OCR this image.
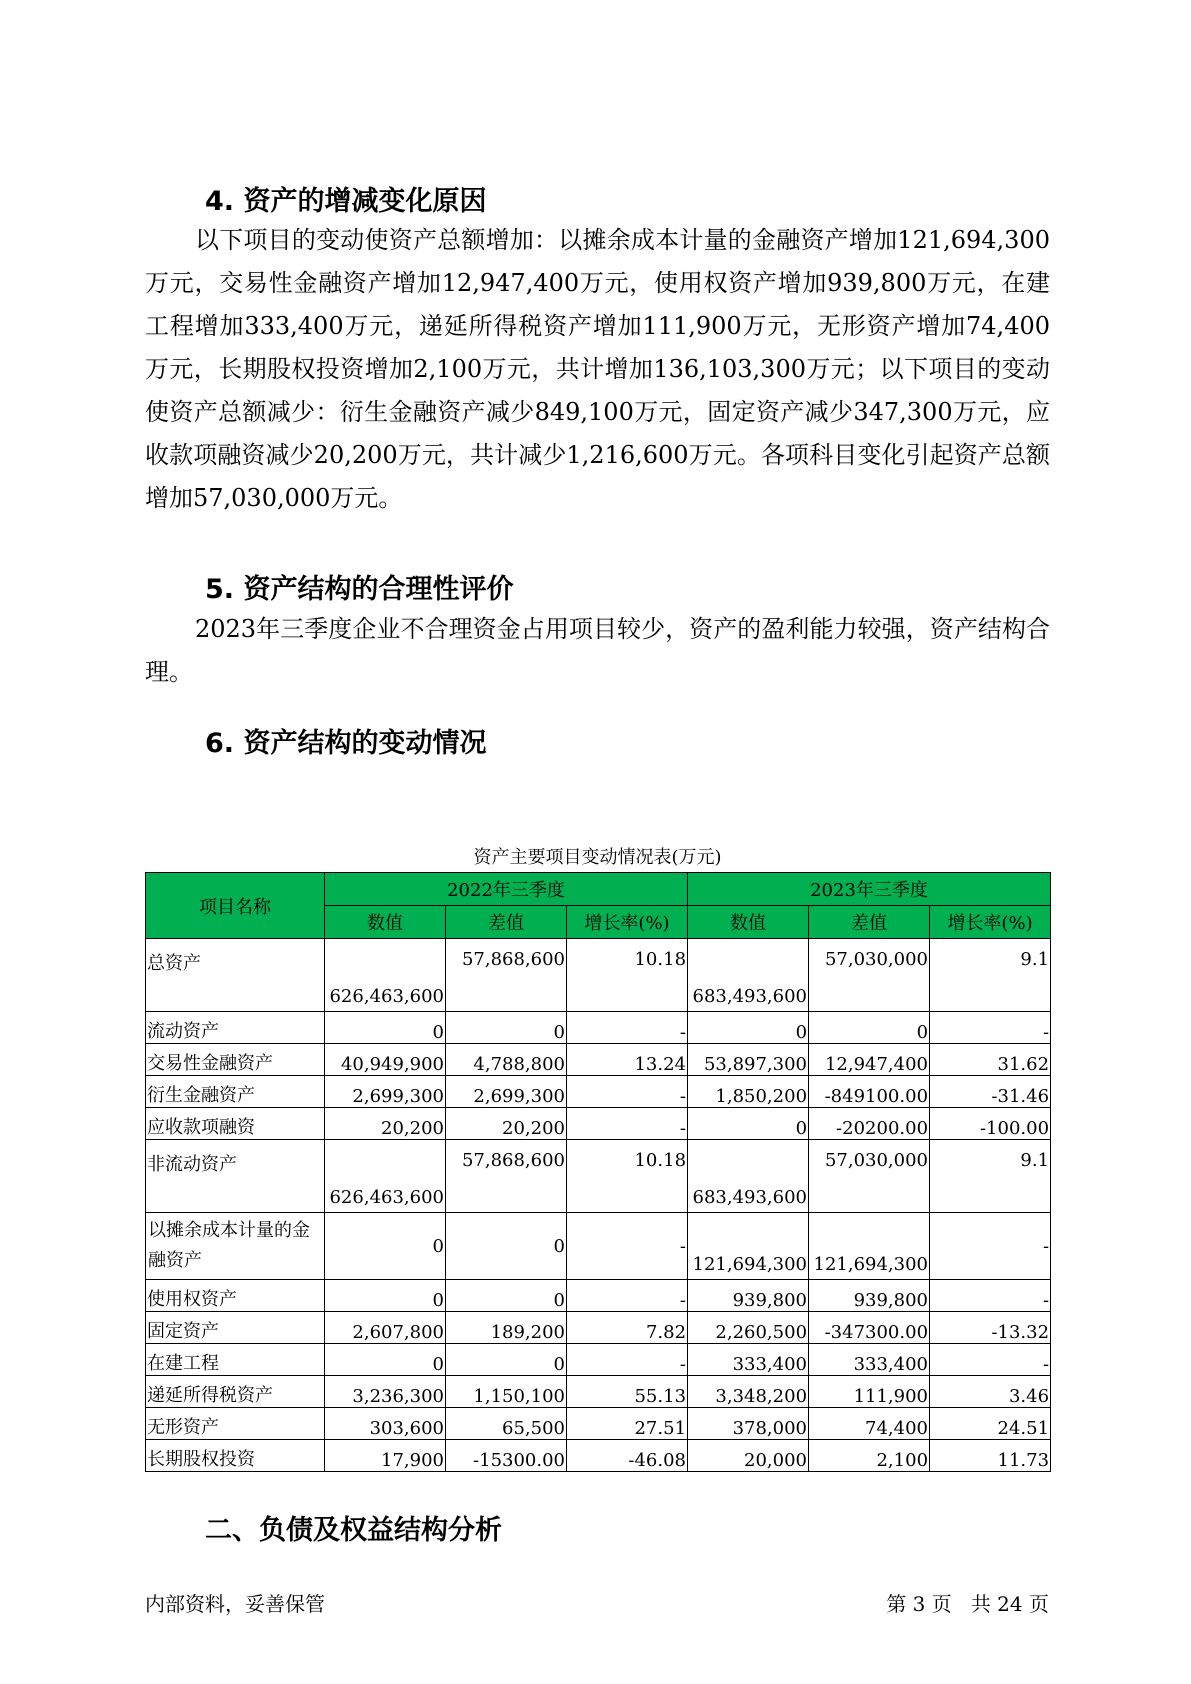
4. 资产的增减变化原因

以下项目的变动使资产总额增加：以摊余成本计量的金融资产增加121,694,300万元，交易性金融资产增加12,947,400万元，使用权资产增加939,800万元，在建工程增加333,400万元，递延所得税资产增加111,900万元，无形资产增加74,400万元，长期股权投资增加2,100万元，共计增加136,103,300万元；以下项目的变动使资产总额减少：衍生金融资产减少849,100万元，固定资产减少347,300万元，应收款项融资减少20,200万元，共计减少1,216,600万元。各项科目变化引起资产总额增加57,030,000万元。

5. 资产结构的合理性评价

2023年三季度企业不合理资金占用项目较少，资产的盈利能力较强，资产结构合理。

6. 资产结构的变动情况
资产主要项目变动情况表(万元)
项目名称	2022年三季度			2023年三季度		
	数值	差值	增长率(%)	数值	差值	增长率(%)
总资产	626,463,600	57,868,600	10.18	683,493,600	57,030,000	9.1
流动资产	0	0	-	0	0	-
交易性金融资产	40,949,900	4,788,800	13.24	53,897,300	12,947,400	31.62
衍生金融资产	2,699,300	2,699,300	-	1,850,200	-849100.00	-31.46
应收款项融资	20,200	20,200	-	0	-20200.00	-100.00
非流动资产	626,463,600	57,868,600	10.18	683,493,600	57,030,000	9.1
以摊余成本计量的金融资产	0	0	-	121,694,300	121,694,300	-
使用权资产	0	0	-	939,800	939,800	-
固定资产	2,607,800	189,200	7.82	2,260,500	-347300.00	-13.32
在建工程	0	0	-	333,400	333,400	-
递延所得税资产	3,236,300	1,150,100	55.13	3,348,200	111,900	3.46
无形资产	303,600	65,500	27.51	378,000	74,400	24.51
长期股权投资	17,900	-15300.00	-46.08	20,000	2,100	11.73
二、负债及权益结构分析
内部资料，妥善保管	第 3 页   共 24 页
